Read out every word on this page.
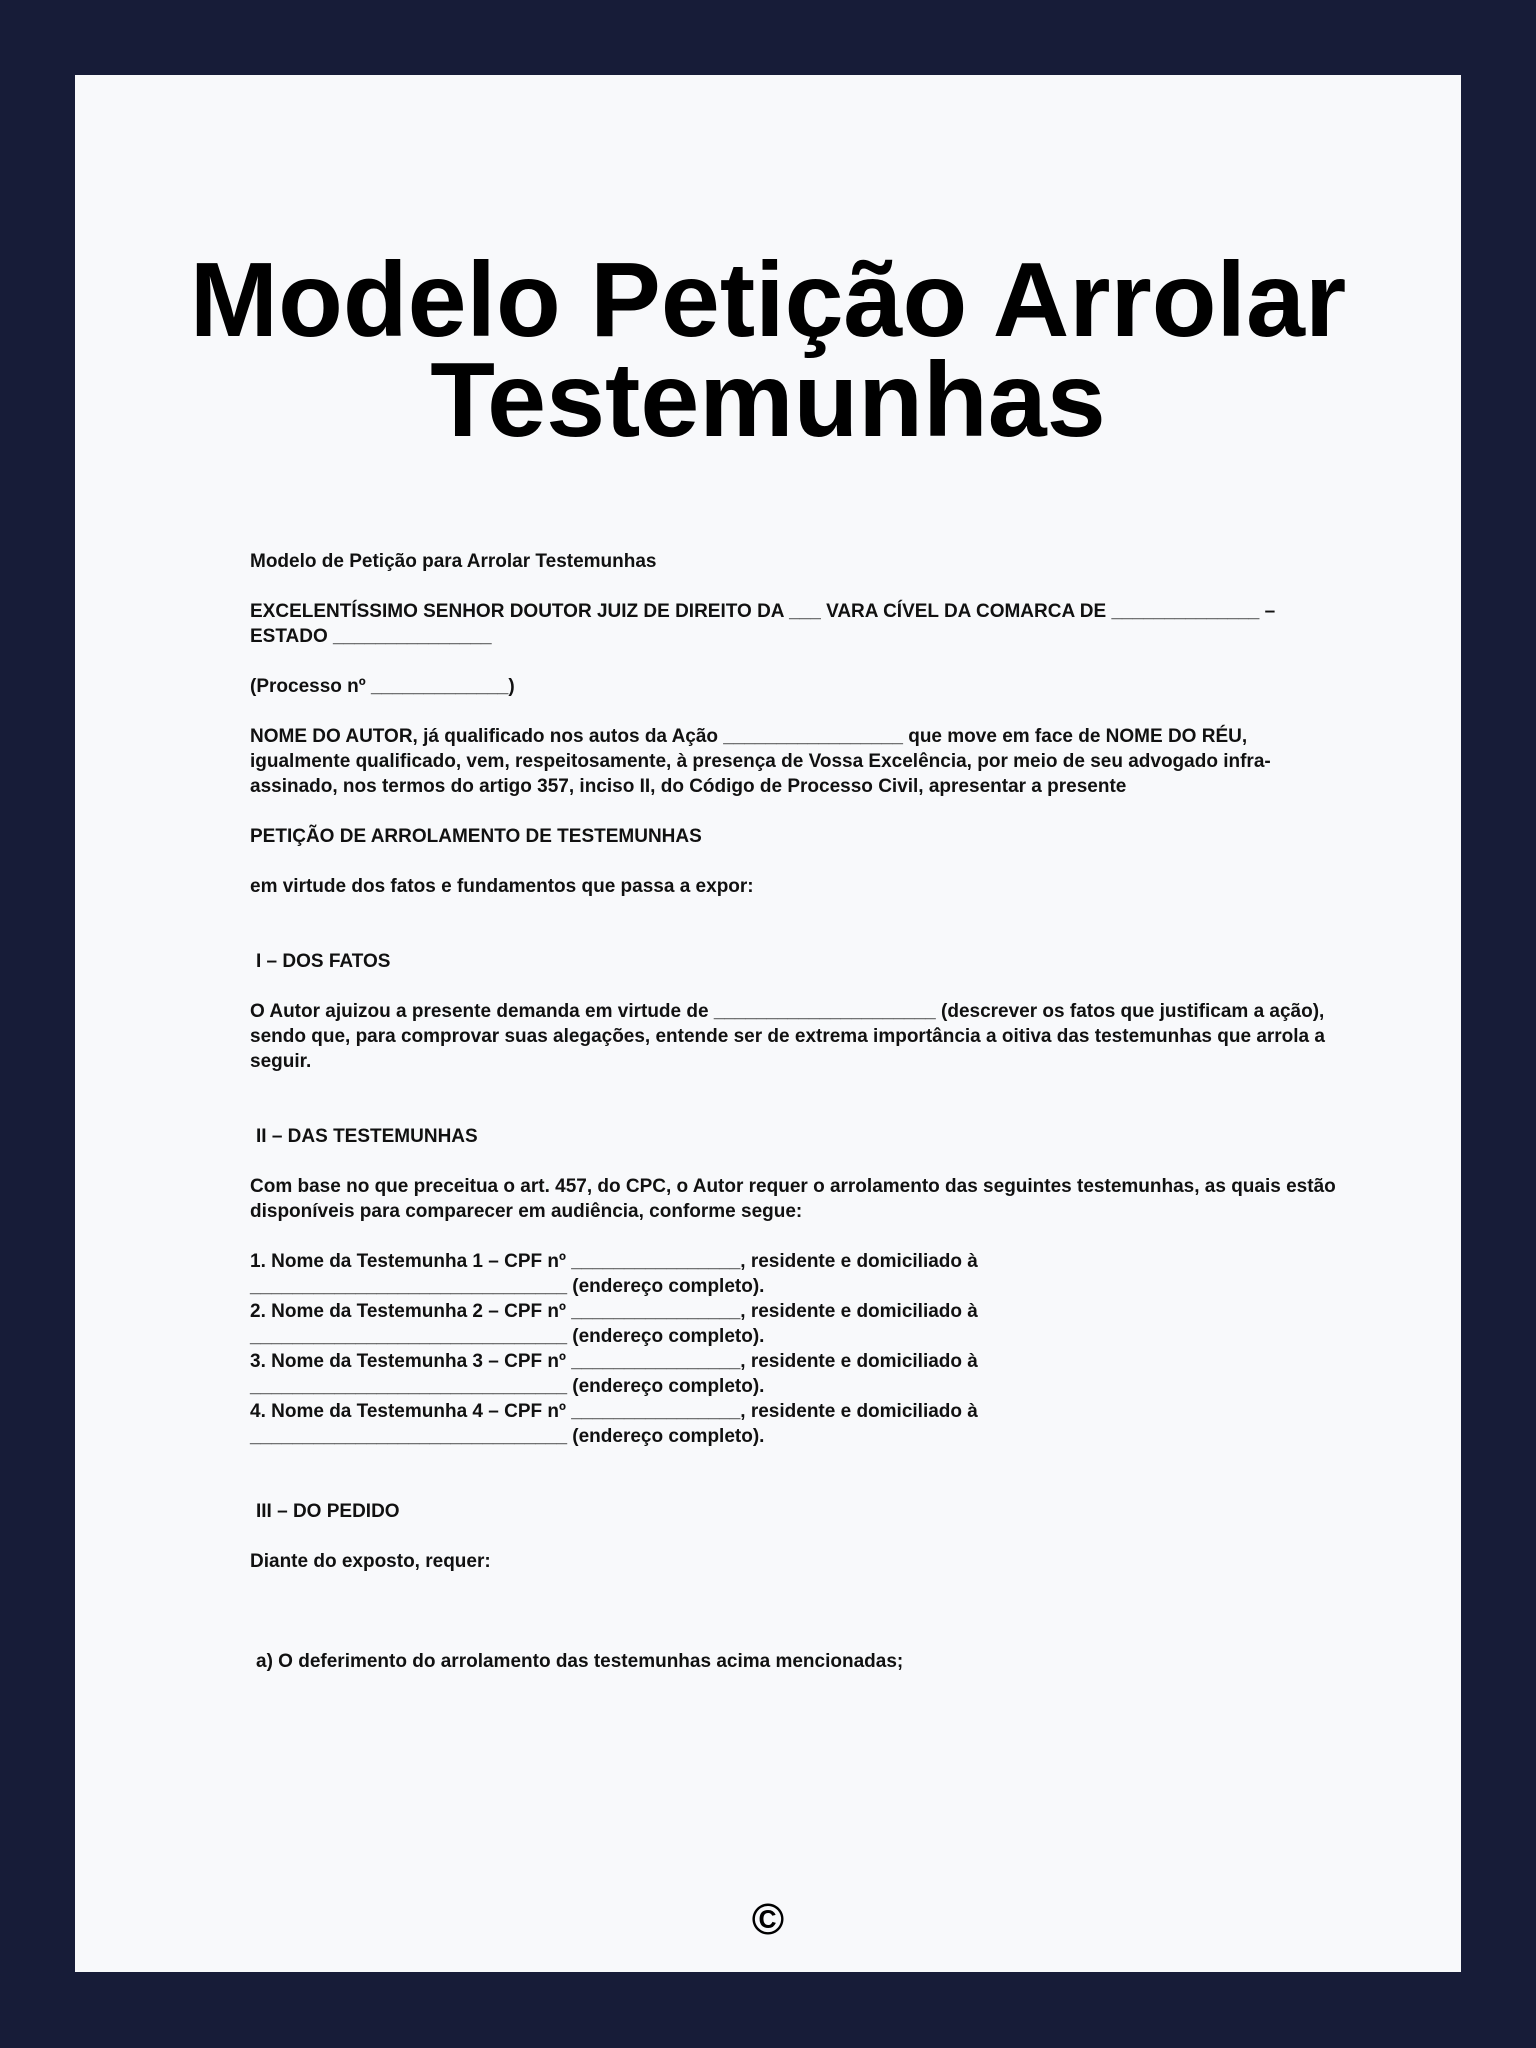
Modelo Petição Arrolar
Testemunhas

Modelo de Petição para Arrolar Testemunhas

EXCELENTÍSSIMO SENHOR DOUTOR JUIZ DE DIREITO DA ___ VARA CÍVEL DA COMARCA DE ______________ – ESTADO _______________

(Processo nº _____________)

NOME DO AUTOR, já qualificado nos autos da Ação _________________ que move em face de NOME DO RÉU, igualmente qualificado, vem, respeitosamente, à presença de Vossa Excelência, por meio de seu advogado infra-assinado, nos termos do artigo 357, inciso II, do Código de Processo Civil, apresentar a presente

PETIÇÃO DE ARROLAMENTO DE TESTEMUNHAS

em virtude dos fatos e fundamentos que passa a expor:

I – DOS FATOS

O Autor ajuizou a presente demanda em virtude de _____________________ (descrever os fatos que justificam a ação), sendo que, para comprovar suas alegações, entende ser de extrema importância a oitiva das testemunhas que arrola a seguir.

II – DAS TESTEMUNHAS

Com base no que preceitua o art. 457, do CPC, o Autor requer o arrolamento das seguintes testemunhas, as quais estão disponíveis para comparecer em audiência, conforme segue:

1. Nome da Testemunha 1 – CPF nº ________________, residente e domiciliado à
______________________________ (endereço completo).
2. Nome da Testemunha 2 – CPF nº ________________, residente e domiciliado à
______________________________ (endereço completo).
3. Nome da Testemunha 3 – CPF nº ________________, residente e domiciliado à
______________________________ (endereço completo).
4. Nome da Testemunha 4 – CPF nº ________________, residente e domiciliado à
______________________________ (endereço completo).

III – DO PEDIDO

Diante do exposto, requer:

a) O deferimento do arrolamento das testemunhas acima mencionadas;

©
